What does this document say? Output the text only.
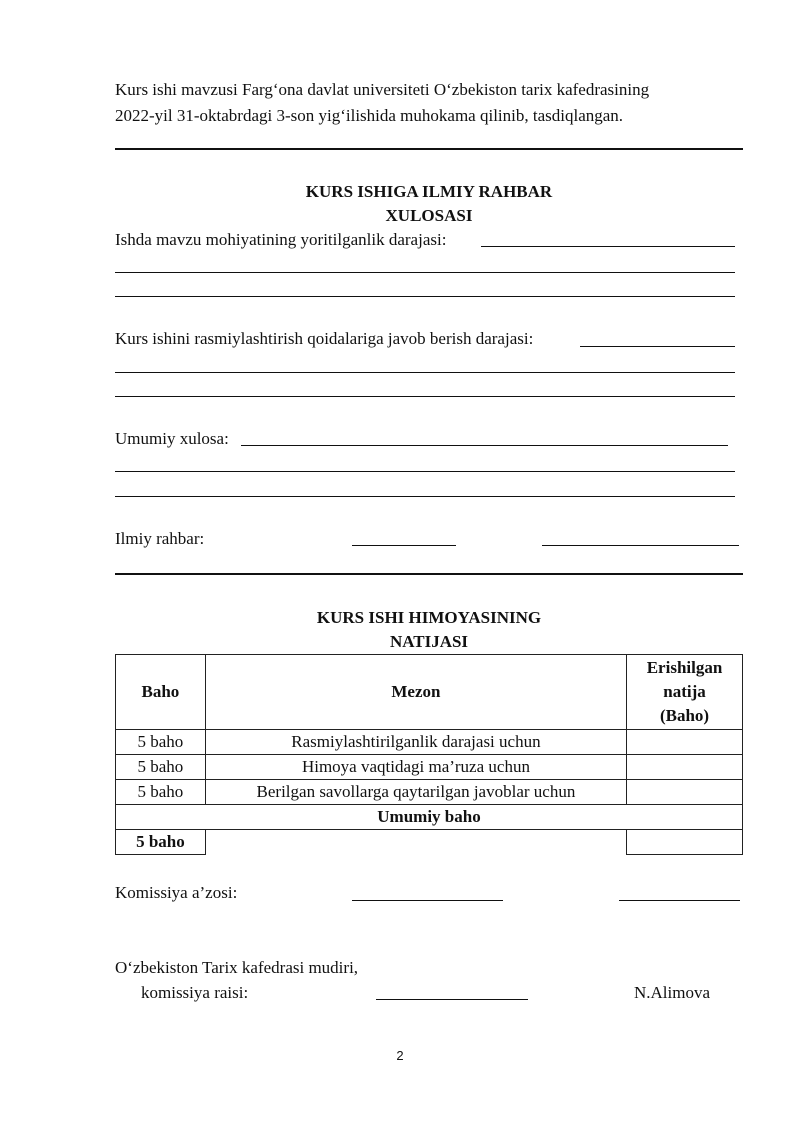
Kurs ishi mavzusi Farg‘ona davlat universiteti O‘zbekiston tarix kafedrasining
2022-yil 31-oktabrdagi 3-son yig‘ilishida muhokama qilinib, tasdiqlangan.
KURS ISHIGA ILMIY RAHBAR
XULOSASI
Ishda mavzu mohiyatining yoritilganlik darajasi:
Kurs ishini rasmiylashtirish qoidalariga javob berish darajasi:
Umumiy xulosa:
Ilmiy rahbar:
KURS ISHI HIMOYASINING
NATIJASI
Baho	Mezon	Erishilgan natija (Baho)
5 baho	Rasmiylashtirilganlik darajasi uchun	
5 baho	Himoya vaqtidagi ma’ruza uchun	
5 baho	Berilgan savollarga qaytarilgan javoblar uchun	
Umumiy baho		
5 baho		
Komissiya a’zosi:
O‘zbekiston Tarix kafedrasi mudiri,
komissiya raisi:	N.Alimova
2
